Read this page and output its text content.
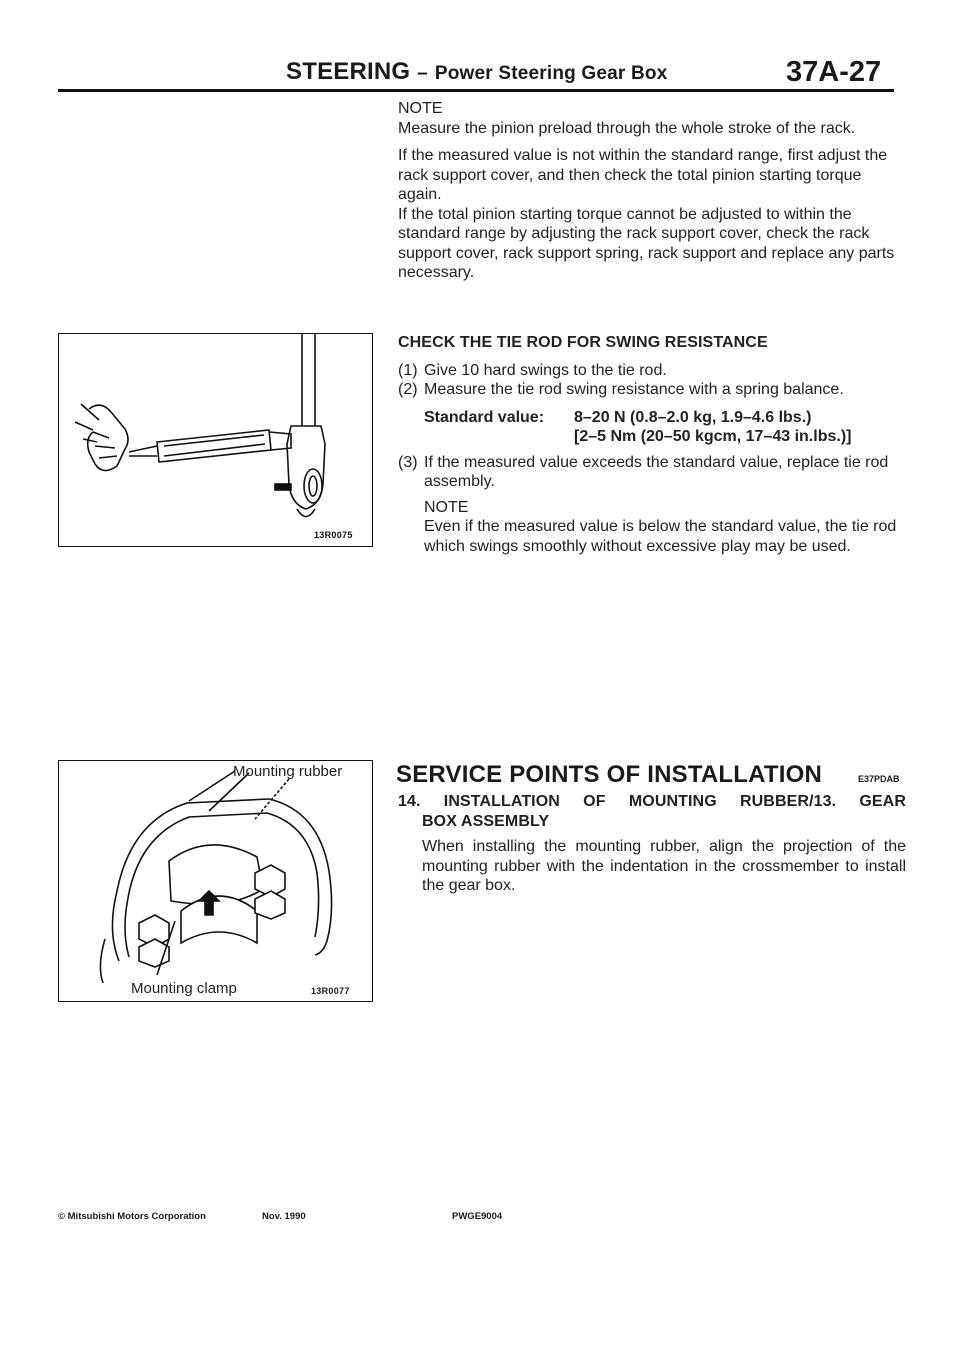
STEERING – Power Steering Gear Box	37A-27

NOTE

Measure the pinion preload through the whole stroke of the rack.

If the measured value is not within the standard range, first adjust the rack support cover, and then check the total pinion starting torque again.

If the total pinion starting torque cannot be adjusted to within the standard range by adjusting the rack support cover, check the rack support cover, rack support spring, rack support and replace any parts necessary.

CHECK THE TIE ROD FOR SWING RESISTANCE

(1) Give 10 hard swings to the tie rod.
(2) Measure the tie rod swing resistance with a spring balance.
Standard value:	8–20 N (0.8–2.0 kg, 1.9–4.6 lbs.)
[2–5 Nm (20–50 kgcm, 17–43 in.lbs.)]
(3) If the measured value exceeds the standard value, replace tie rod assembly.

NOTE

Even if the measured value is below the standard value, the tie rod which swings smoothly without excessive play may be used.

13R0075
Mounting rubber
Mounting clamp	13R0077
SERVICE POINTS OF INSTALLATION	E37PDAB

14. INSTALLATION OF MOUNTING RUBBER/13. GEAR

BOX ASSEMBLY

When installing the mounting rubber, align the projection of the mounting rubber with the indentation in the crossmember to install the gear box.

© Mitsubishi Motors Corporation	Nov. 1990	PWGE9004
